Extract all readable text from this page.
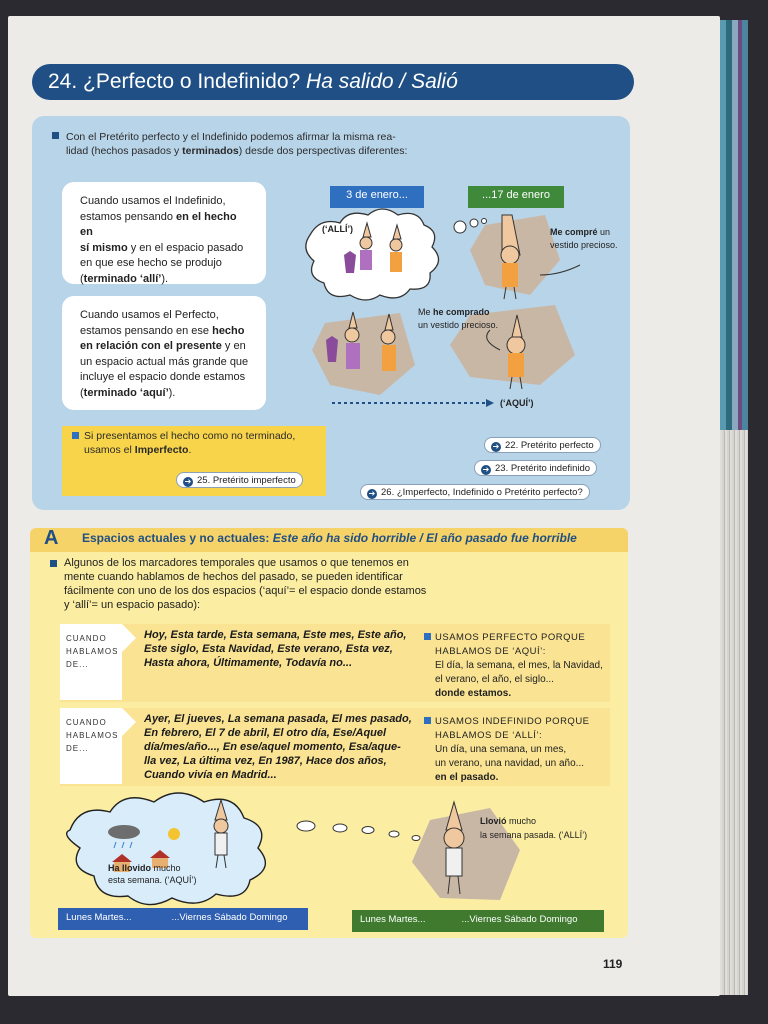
24. ¿Perfecto o Indefinido? Ha salido / Salió
Con el Pretérito perfecto y el Indefinido podemos afirmar la misma rea-
lidad (hechos pasados y terminados) desde dos perspectivas diferentes:
Cuando usamos el Indefinido,
estamos pensando en el hecho en
sí mismo y en el espacio pasado
en que ese hecho se produjo
(terminado ‘allí’).
Cuando usamos el Perfecto,
estamos pensando en ese hecho
en relación con el presente y en
un espacio actual más grande que
incluye el espacio donde estamos
(terminado ‘aquí’).
3 de enero...	...17 de enero
(‘ALLÍ’)	Me compré un
vestido precioso.
Me he comprado
un vestido precioso.
(‘AQUÍ’)
Si presentamos el hecho como no terminado,
usamos el Imperfecto.
➔ 25. Pretérito imperfecto
➔ 22. Pretérito perfecto
➔ 23. Pretérito indefinido
➔ 26. ¿Imperfecto, Indefinido o Pretérito perfecto?
A Espacios actuales y no actuales: Este año ha sido horrible / El año pasado fue horrible
Algunos de los marcadores temporales que usamos o que tenemos en
mente cuando hablamos de hechos del pasado, se pueden identificar
fácilmente con uno de los dos espacios (‘aquí’= el espacio donde estamos
y ‘allí’= un espacio pasado):
CUANDO
HABLAMOS
DE...
Hoy, Esta tarde, Esta semana, Este mes, Este año,
Este siglo, Esta Navidad, Este verano, Esta vez,
Hasta ahora, Últimamente, Todavía no...
USAMOS PERFECTO PORQUE
HABLAMOS DE ‘AQUÍ’:
El día, la semana, el mes, la Navidad,
el verano, el año, el siglo...
donde estamos.
CUANDO
HABLAMOS
DE...
Ayer, El jueves, La semana pasada, El mes pasado,
En febrero, El 7 de abril, El otro día, Ese/Aquel
día/mes/año..., En ese/aquel momento, Esa/aque-
lla vez, La última vez, En 1987, Hace dos años,
Cuando vivía en Madrid...
USAMOS INDEFINIDO PORQUE
HABLAMOS DE ‘ALLÍ’:
Un día, una semana, un mes,
un verano, una navidad, un año...
en el pasado.
Ha llovido mucho
esta semana. (‘AQUÍ’)
Llovió mucho
la semana pasada. (‘ALLÍ’)
Lunes Martes...	...Viernes Sábado Domingo	Lunes Martes...	...Viernes Sábado Domingo
119
